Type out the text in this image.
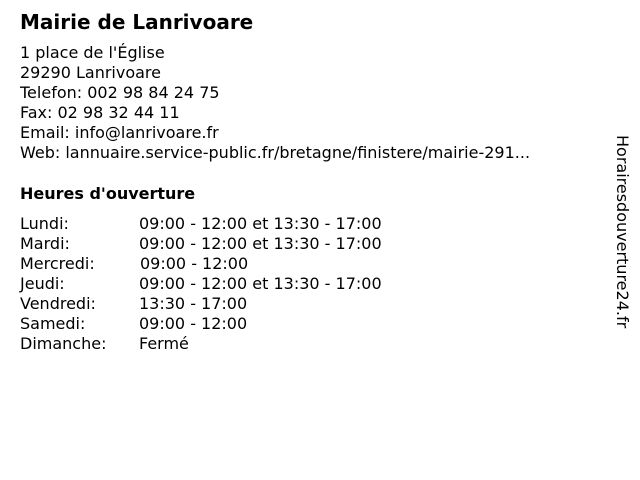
Mairie de Lanrivoare
1 place de l'Église
29290 Lanrivoare
Telefon: 002 98 84 24 75
Fax: 02 98 32 44 11
Email: info@lanrivoare.fr
Web: lannuaire.service-public.fr/bretagne/finistere/mairie-291...
Heures d'ouverture
Lundi:	09:00 - 12:00 et 13:30 - 17:00
Mardi:	09:00 - 12:00 et 13:30 - 17:00
Mercredi:	09:00 - 12:00
Jeudi:	09:00 - 12:00 et 13:30 - 17:00
Vendredi:	13:30 - 17:00
Samedi:	09:00 - 12:00
Dimanche: Fermé
Horairesdouverture24.fr
